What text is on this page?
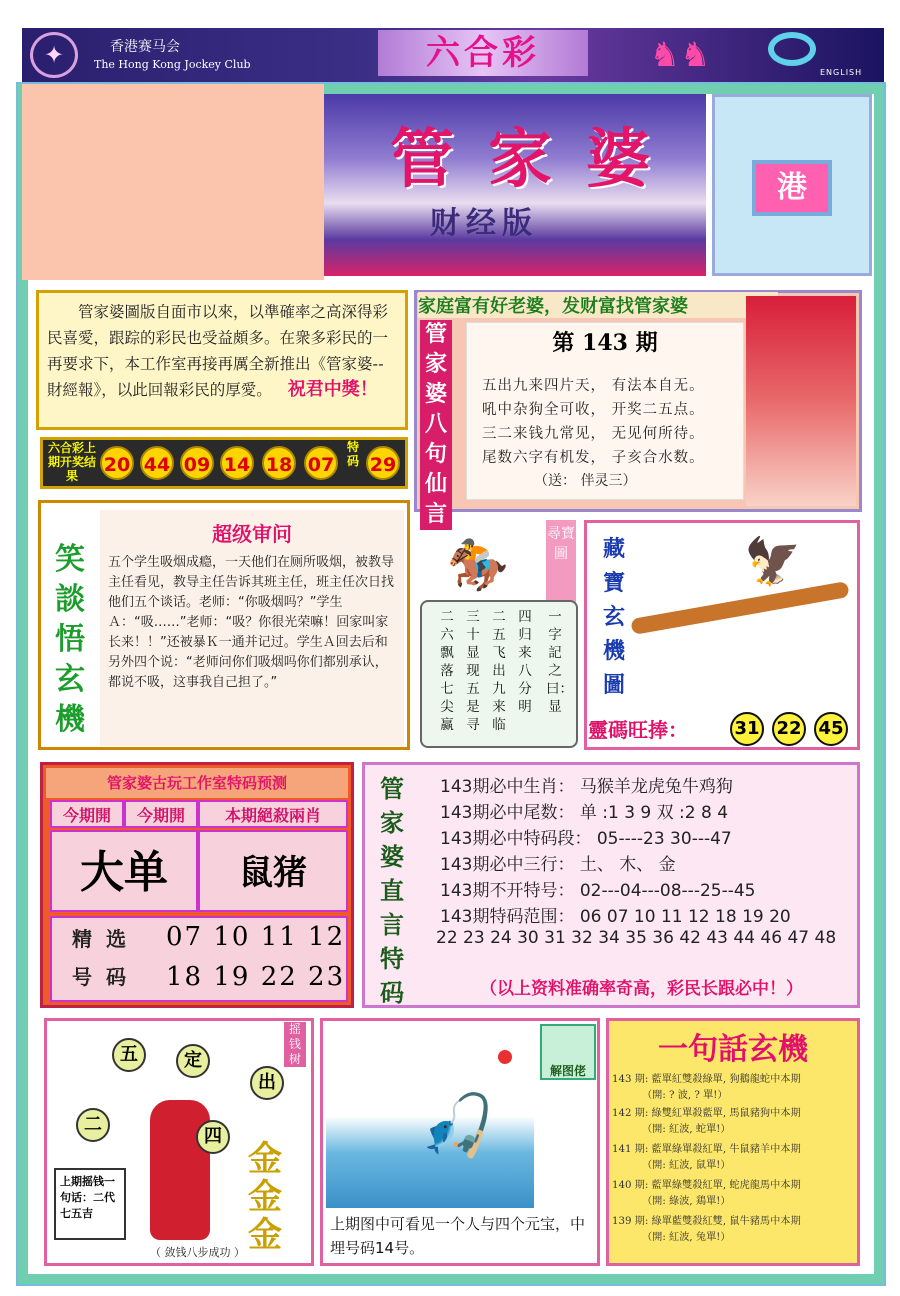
✦	香港赛马会
The Hong Kong Jockey Club	六合彩	♞♞	ENGLISH
管家婆
财经版
港

管家婆圖版自面市以來，以準確率之高深得彩民喜愛，跟踪的彩民也受益頗多。在衆多彩民的一再要求下，本工作室再接再厲全新推出《管家婆--財經報》，以此回報彩民的厚愛。 祝君中獎！

六合彩上期开奖结果	20 44 09 14 18 07
特码 29
家庭富有好老婆，发财富找管家婆
管家婆八句仙言
第 143 期
五出九来四片天， 有法本自无。
吼中杂狗全可收， 开奖二五点。
三二来钱九常见， 无见何所待。
尾数六字有机发， 子亥合水数。
（送： 伴灵三）
笑談悟玄機
超级审问
五个学生吸烟成瘾，一天他们在厕所吸烟，被教导主任看见，教导主任告诉其班主任，班主任次日找他们五个谈话。老师：“你吸烟吗？”学生Ａ：“吸……”老师：“吸？你很光荣嘛！回家叫家长来！！”还被暴Ｋ一通并记过。学生Ａ回去后和另外四个说：“老师问你们吸烟吗你们都别承认，都说不吸，这事我自己担了。”
🏇
尋寶圖
一字記之曰：显
四归来八分明
二五飞出九来临
三十显现五是寻
二六飘落七尖赢
藏寶玄機圖
🦅
靈碼旺捧：	31 22 45
管家婆古玩工作室特码预测
今期開	今期開	本期絕殺兩肖
大单	鼠猪
精选号码
07 10 11 12
18 19 22 23
管家婆直言特码
143期必中生肖： 马猴羊龙虎兔牛鸡狗
143期必中尾数： 单 :1 3 9 双 :2 8 4
143期必中特码段： 05----23 30---47
143期必中三行： 土、 木、 金
143期不开特号： 02---04---08---25--45
143期特码范围： 06 07 10 11 12 18 19 20
22 23 24 30 31 32 34 35 36 42 43 44 46 47 48
（以上资料准确率奇高，彩民长跟必中！）
五	定
出
二
四
摇钱树
上期摇钱一句话：二代七五吉
金金金
（ 敛钱八步成功 ）
🎣
解图佬
上期图中可看见一个人与四个元宝，中埋号码14号。
一句話玄機
143 期: 藍單紅雙殺綠單, 狗鵝龍蛇中本期
（開: ? 波, ? 單!）
142 期: 綠雙紅單殺藍單, 馬鼠豬狗中本期
（開: 紅波, 蛇單!）
141 期: 藍單綠單殺紅單, 牛鼠豬羊中本期
（開: 紅波, 鼠單!）
140 期: 藍單綠雙殺紅單, 蛇虎龍馬中本期
（開: 綠波, 鶏單!）
139 期: 綠單藍雙殺紅雙, 鼠牛豬馬中本期
（開: 紅波, 兔單!）
